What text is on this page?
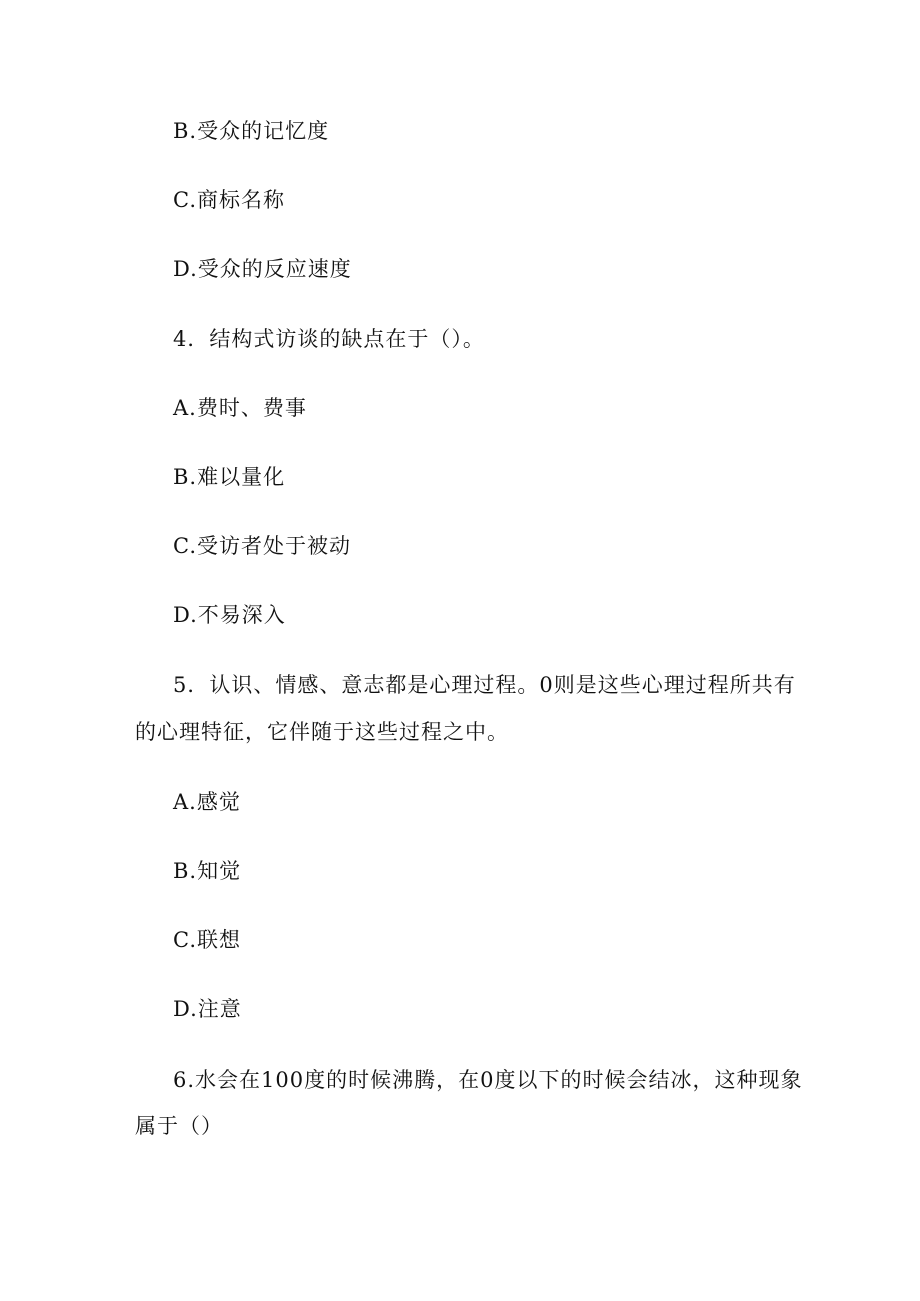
B.受众的记忆度
C.商标名称
D.受众的反应速度
4．结构式访谈的缺点在于（）。
A.费时、费事
B.难以量化
C.受访者处于被动
D.不易深入
5．认识、情感、意志都是心理过程。0则是这些心理过程所共有
的心理特征，它伴随于这些过程之中。
A.感觉
B.知觉
C.联想
D.注意
6.水会在100度的时候沸腾，在0度以下的时候会结冰，这种现象
属于（）
